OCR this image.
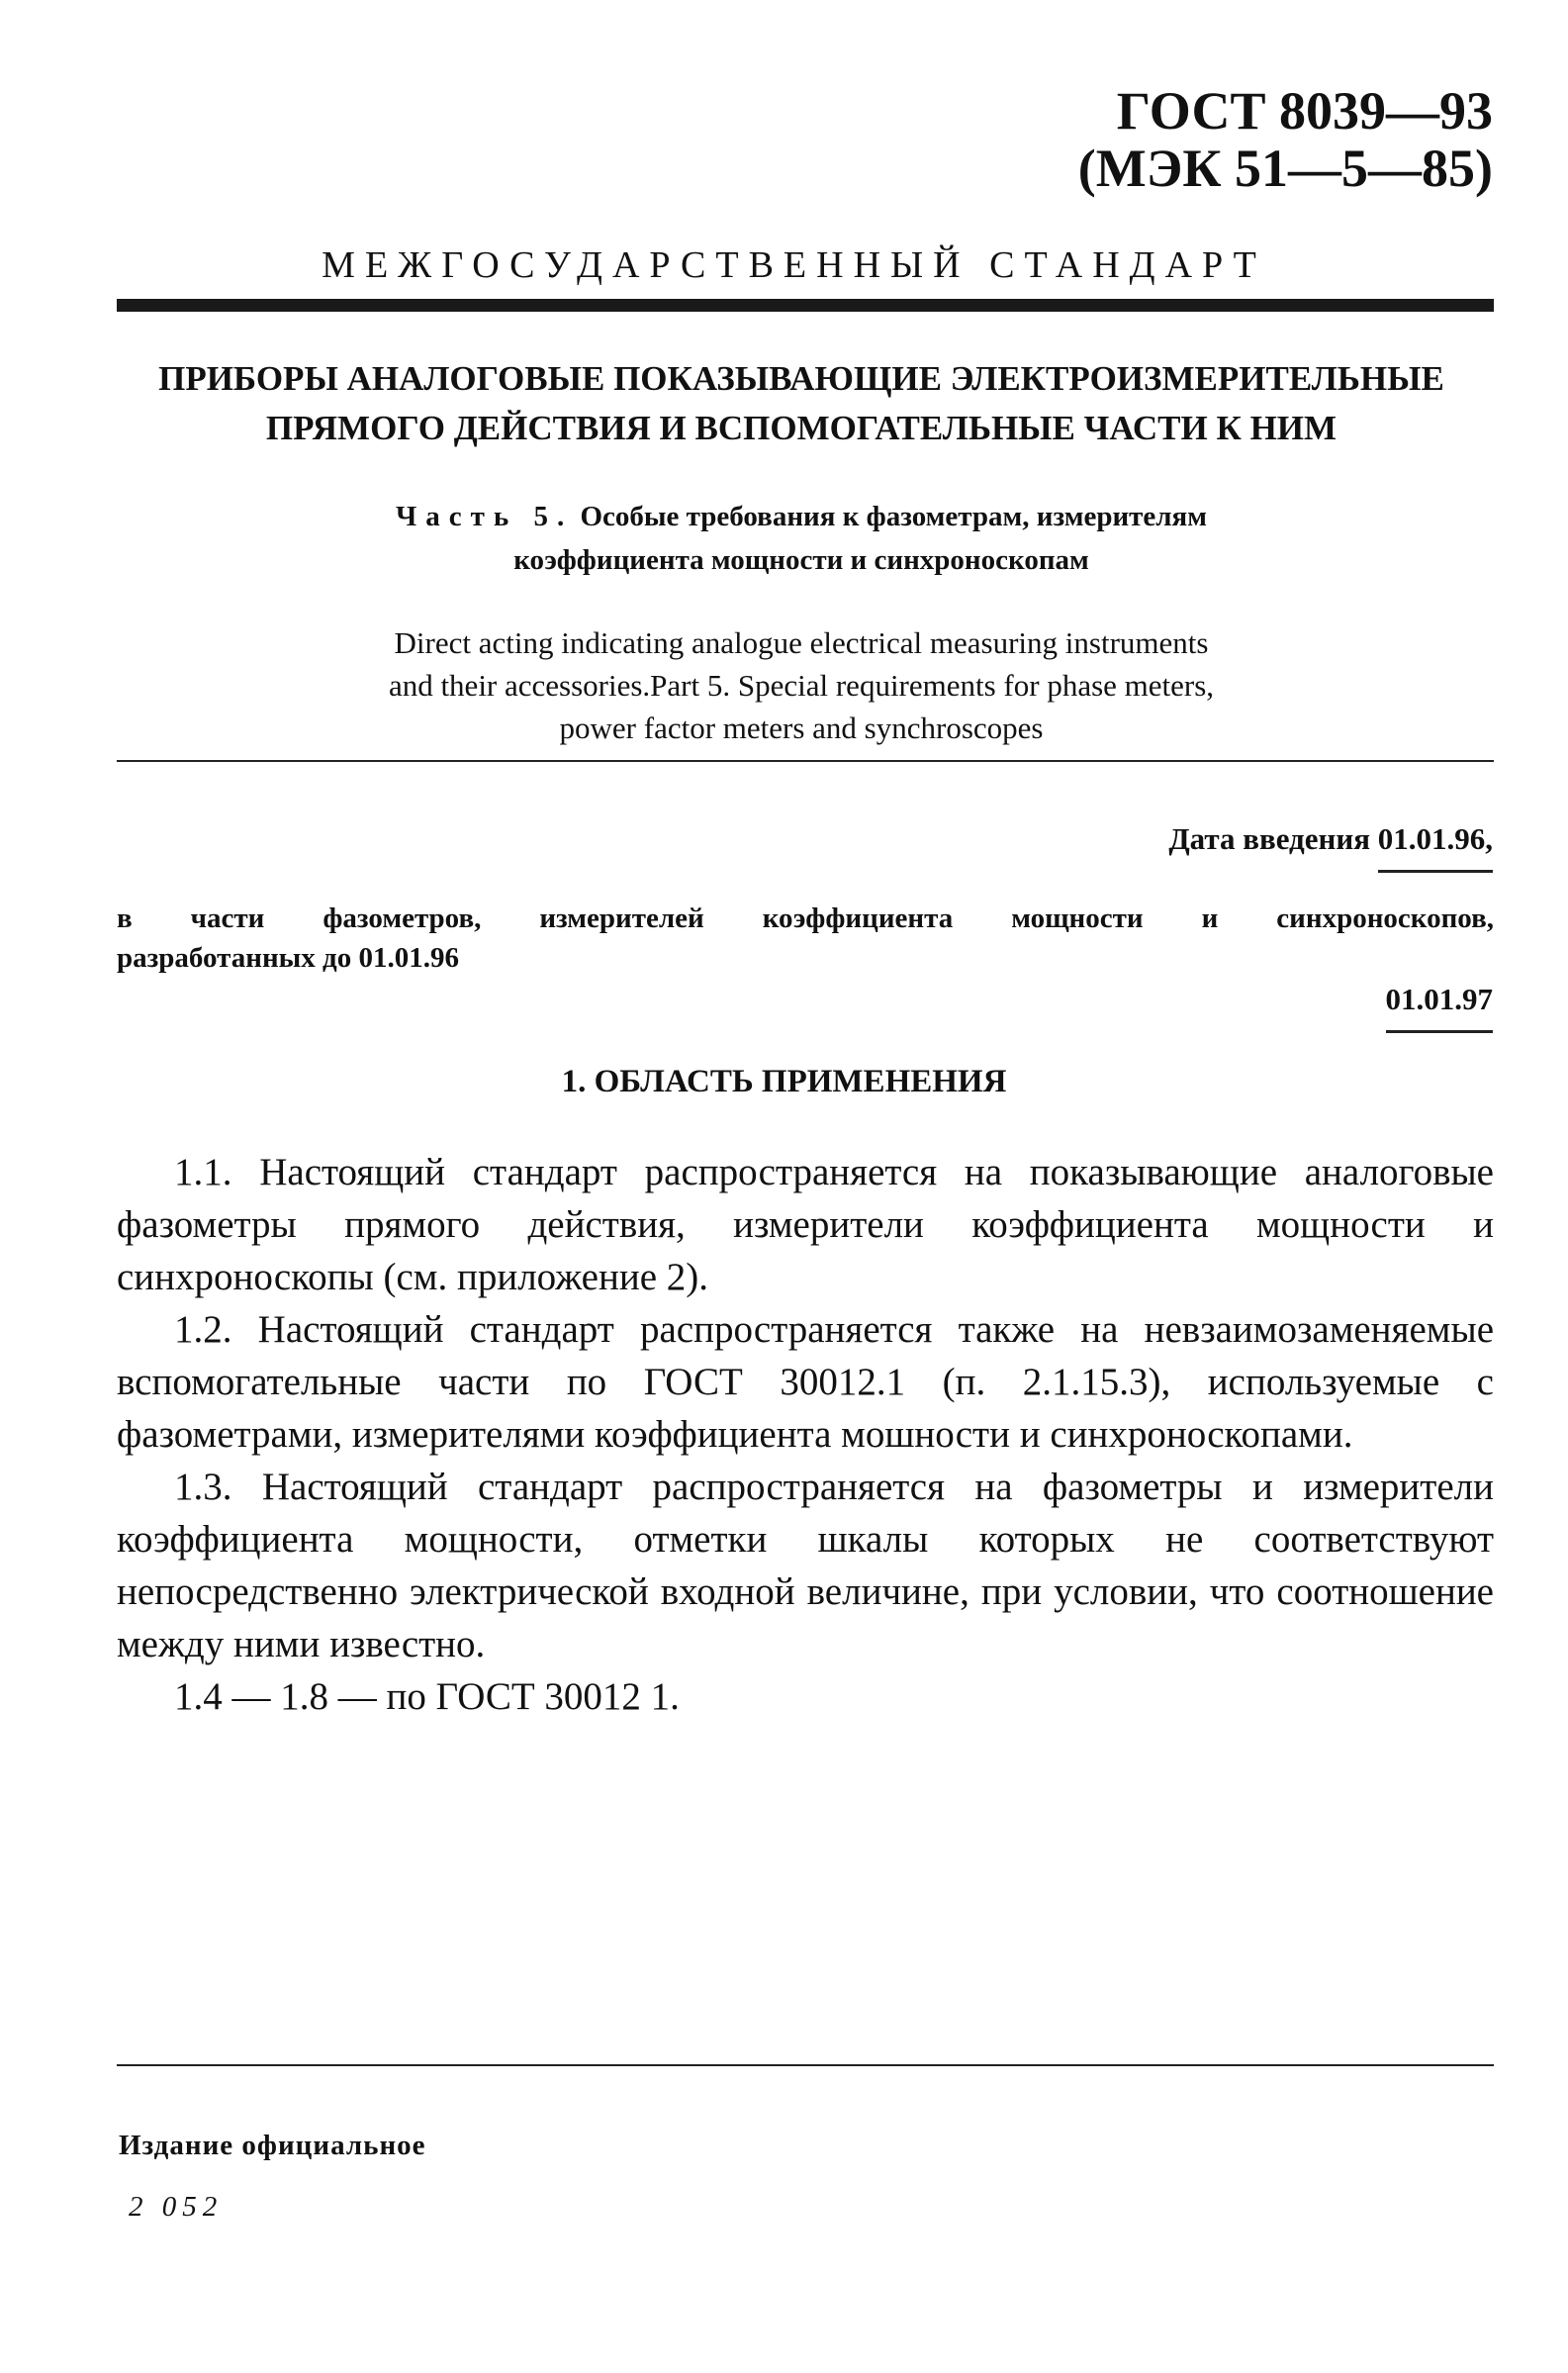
ГОСТ 8039—93
(МЭК 51—5—85)
МЕЖГОСУДАРСТВЕННЫЙ СТАНДАРТ
ПРИБОРЫ АНАЛОГОВЫЕ ПОКАЗЫВАЮЩИЕ ЭЛЕКТРОИЗМЕРИТЕЛЬНЫЕ
ПРЯМОГО ДЕЙСТВИЯ И ВСПОМОГАТЕЛЬНЫЕ ЧАСТИ К НИМ
Часть 5. Особые требования к фазометрам, измерителям
коэффициента мощности и синхроноскопам
Direct acting indicating analogue electrical measuring instruments
and their accessories.Part 5. Special requirements for phase meters,
power factor meters and synchroscopes
Дата введения 01.01.96,
в части фазометров, измерителей коэффициента мощности и синхроноскопов,
разработанных до 01.01.96
01.01.97
1. ОБЛАСТЬ ПРИМЕНЕНИЯ

1.1. Настоящий стандарт распространяется на показывающие аналоговые фазометры прямого действия, измерители коэффициента мощности и синхроноскопы (см. приложение 2).

1.2. Настоящий стандарт распространяется также на невзаимозаменяемые вспомогательные части по ГОСТ 30012.1 (п. 2.1.15.3), используемые с фазометрами, измерителями коэффициента мошности и синхроноскопами.

1.3. Настоящий стандарт распространяется на фазометры и измерители коэффициента мощности, отметки шкалы которых не соответствуют непосредственно электрической входной величине, при условии, что соотношение между ними известно.

1.4 — 1.8 — по ГОСТ 30012 1.

Издание официальное
2 052
